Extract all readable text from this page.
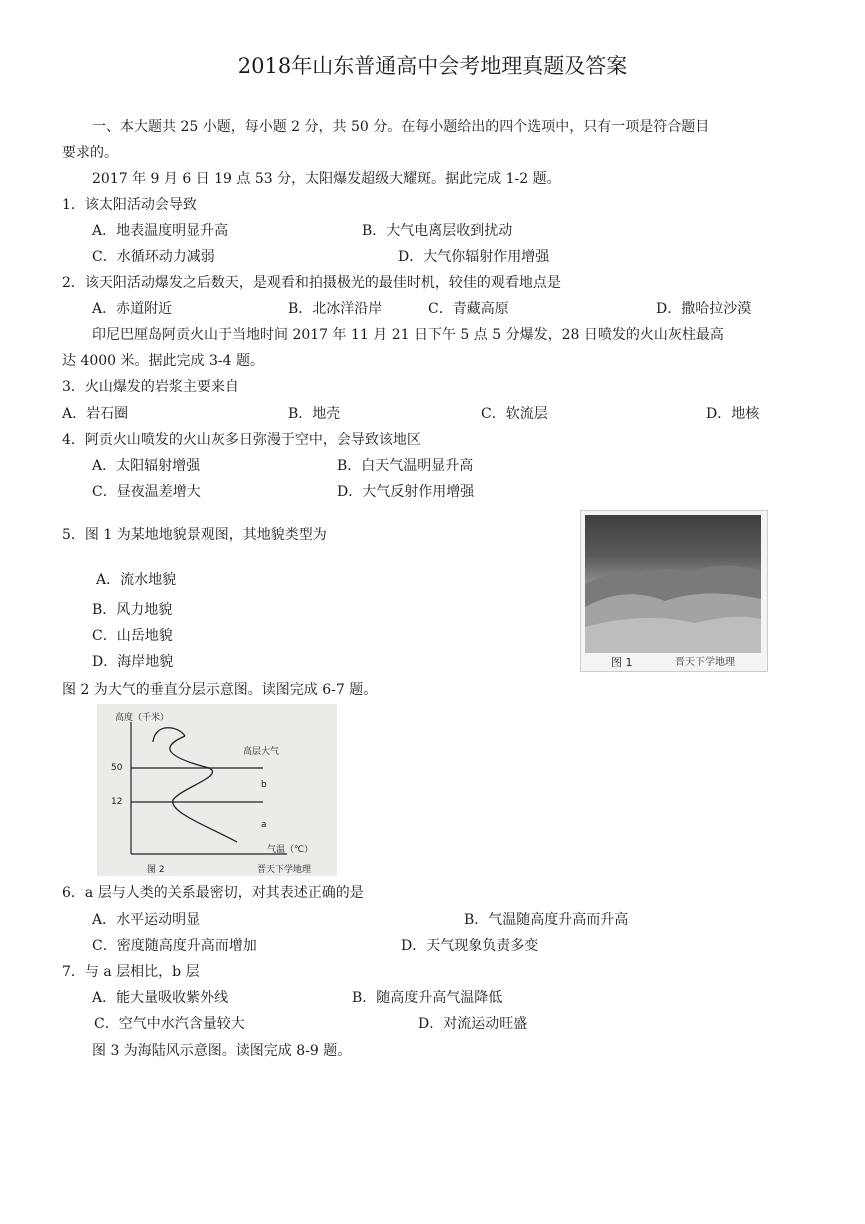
2018年山东普通高中会考地理真题及答案
一、本大题共 25 小题，每小题 2 分，共 50 分。在每小题给出的四个选项中，只有一项是符合题目
要求的。
2017 年 9 月 6 日 19 点 53 分，太阳爆发超级大耀斑。据此完成 1-2 题。
1．该太阳活动会导致
A．地表温度明显升高	B．大气电离层收到扰动
C．水循环动力减弱	D．大气你辐射作用增强
2．该天阳活动爆发之后数天，是观看和拍摄极光的最佳时机，较佳的观看地点是
A．赤道附近	B．北冰洋沿岸	C．青藏高原	D．撒哈拉沙漠
印尼巴厘岛阿贡火山于当地时间 2017 年 11 月 21 日下午 5 点 5 分爆发，28 日喷发的火山灰柱最高
达 4000 米。据此完成 3-4 题。
3．火山爆发的岩浆主要来自
A．岩石圈	B．地壳	C．软流层	D．地核
4．阿贡火山喷发的火山灰多日弥漫于空中，会导致该地区
A．太阳辐射增强	B．白天气温明显升高
C．昼夜温差增大	D．大气反射作用增强
5．图 1 为某地地貌景观图，其地貌类型为
A．流水地貌
B．风力地貌
C．山岳地貌
D．海岸地貌	图 1	晋天下学地理
图 2 为大气的垂直分层示意图。读图完成 6-7 题。
高度（千米）
50
12
高层大气
b
a
气温（℃）
图 2	晋天下学地理
6．a 层与人类的关系最密切，对其表述正确的是
A．水平运动明显	B．气温随高度升高而升高
C．密度随高度升高而增加	D．天气现象负责多变
7．与 a 层相比，b 层
A．能大量吸收紫外线	B．随高度升高气温降低
C．空气中水汽含量较大	D．对流运动旺盛
图 3 为海陆风示意图。读图完成 8-9 题。
